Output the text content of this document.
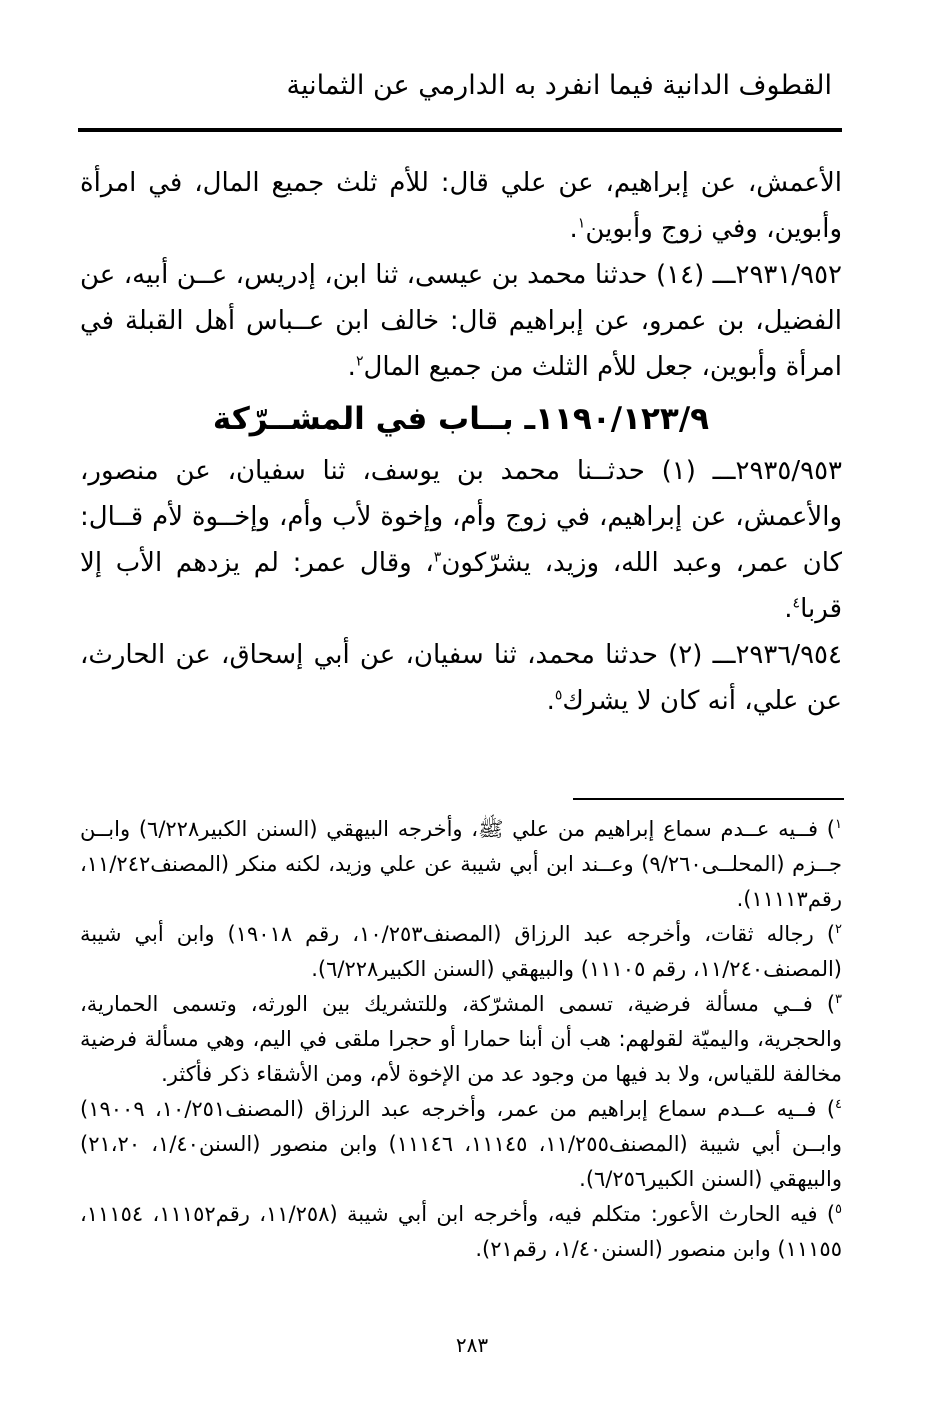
القطوف الدانية فيما انفرد به الدارمي عن الثمانية

الأعمش، عن إبراهيم، عن علي قال: للأم ثلث جميع المال، في امرأة وأبوين، وفي زوج وأبوين$^١$.

٢٩٣١/٩٥٢ـــ (١٤) حدثنا محمد بن عيسى، ثنا ابن، إدريس، عــن أبيه، عن الفضيل، بن عمرو، عن إبراهيم قال: خالف ابن عــباس أهل القبلة في امرأة وأبوين، جعل للأم الثلث من جميع المال$^٢$.

١١٩٠/١٢٣/٩ـ بــاب في المشــرّكة

٢٩٣٥/٩٥٣ـــ (١) حدثــنا محمد بن يوسف، ثنا سفيان، عن منصور، والأعمش، عن إبراهيم، في زوج وأم، وإخوة لأب وأم، وإخــوة لأم قــال: كان عمر، وعبد الله، وزيد، يشرّكون$^٣$، وقال عمر: لم يزدهم الأب إلا قربا$^٤$.

٢٩٣٦/٩٥٤ـــ (٢) حدثنا محمد، ثنا سفيان، عن أبي إسحاق، عن الحارث، عن علي، أنه كان لا يشرك$^٥$.

$^١$) فــيه عــدم سماع إبراهيم من علي ﷺ، وأخرجه البيهقي (السنن الكبير٦/٢٢٨) وابــن جــزم (المحلــى٩/٢٦٠) وعــند ابن أبي شيبة عن علي وزيد، لكنه منكر (المصنف١١/٢٤٢، رقم١١١١٣).

$^٢$) رجاله ثقات، وأخرجه عبد الرزاق (المصنف١٠/٢٥٣، رقم ١٩٠١٨) وابن أبي شيبة (المصنف١١/٢٤٠، رقم ١١١٠٥) والبيهقي (السنن الكبير٦/٢٢٨).

$^٣$) فــي مسألة فرضية، تسمى المشرّكة، وللتشريك بين الورثه، وتسمى الحمارية، والحجرية، واليميّة لقولهم: هب أن أبنا حمارا أو حجرا ملقى في اليم، وهي مسألة فرضية مخالفة للقياس، ولا بد فيها من وجود عد من الإخوة لأم، ومن الأشقاء ذكر فأكثر.

$^٤$) فــيه عــدم سماع إبراهيم من عمر، وأخرجه عبد الرزاق (المصنف١٠/٢٥١، ١٩٠٠٩) وابــن أبي شيبة (المصنف١١/٢٥٥، ١١١٤٥، ١١١٤٦) وابن منصور (السنن١/٤٠، ٢١،٢٠) والبيهقي (السنن الكبير٦/٢٥٦).

$^٥$) فيه الحارث الأعور: متكلم فيه، وأخرجه ابن أبي شيبة (١١/٢٥٨، رقم١١١٥٢، ١١١٥٤، ١١١٥٥) وابن منصور (السنن١/٤٠، رقم٢١).

٢٨٣
